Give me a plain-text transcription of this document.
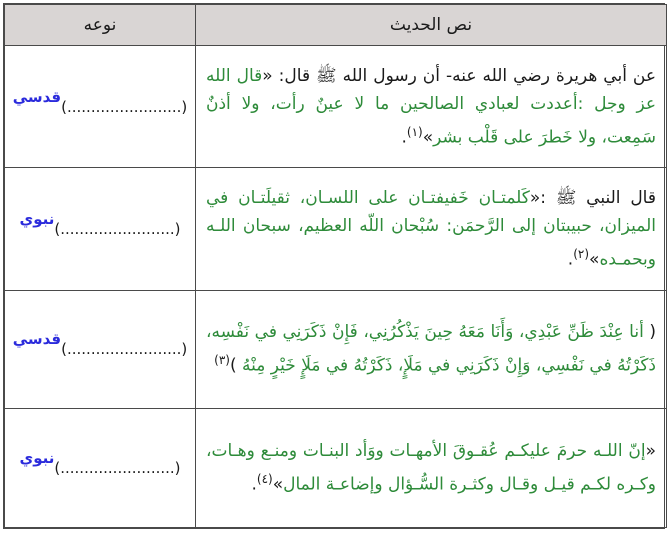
نص الحديث	نوعه
عن أبي هريرة رضي الله عنه- أن رسول الله ﷺ قال: «قال الله عز وجل :أعددت لعبادي الصالحين ما لا عينٌ رأت، ولا أذنٌ سَمِعت، ولا خَطرَ على قَلْب بشر»$^{(١)}$.	(........................)قدسي
قال النبي ﷺ :«كَلمتـان خَفيفتـان على اللسـان، ثقيلَتـان في الميزان، حبيبتان إلى الرَّحمَن: سُبْحان اللّه العظيم، سبحان اللـه وبحمـده»$^{(٢)}$.	(........................)نبوي
( أنا عِنْدَ ظَنِّ عَبْدِي، وَأَنَا مَعَهُ حِينَ يَذْكُرُنِي، فَإِنْ ذَكَرَنِي في نَفْسِه، ذَكَرْتُهُ في نَفْسِي، وَإِنْ ذَكَرَنِي في مَلَإٍ، ذَكَرْتُهُ في مَلَإٍ خَيْرٍ مِنْهُ )$^{(٣)}$	(........................)قدسي
«إنّ اللـه حرمَ عليكـم عُقـوقَ الأمهـات ووَأد البنـات ومنـع وهـات، وكـره لكـم قيـل وقـال وكثـرة السُّـؤال وإضاعـة المال»$^{(٤)}$.	(........................)نبوي
